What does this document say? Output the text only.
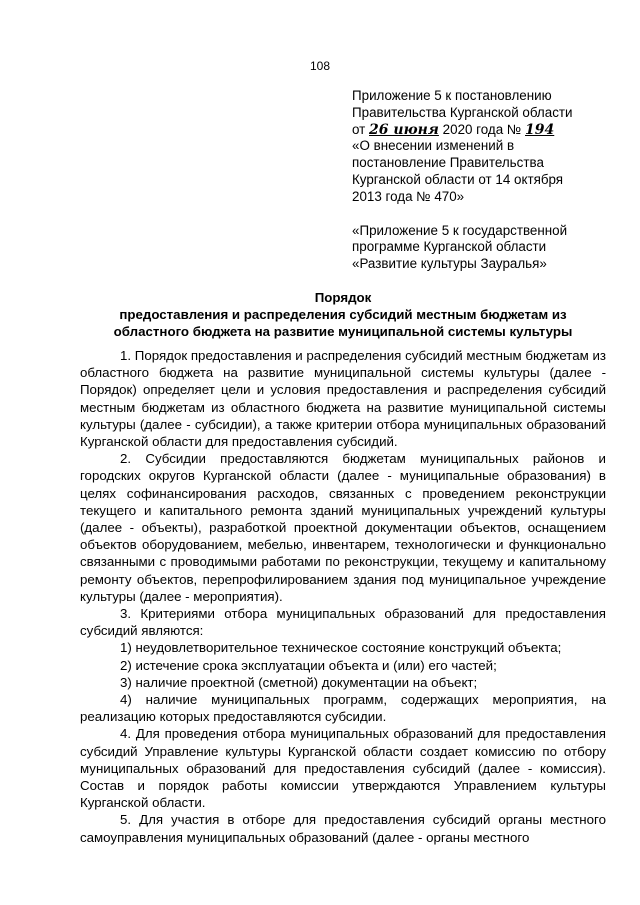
108
Приложение 5 к постановлению
Правительства Курганской области
от 26 июня 2020 года № 194
«О внесении изменений в
постановление Правительства
Курганской области от 14 октября
2013 года № 470»
«Приложение 5 к государственной
программе Курганской области
«Развитие культуры Зауралья»
Порядок
предоставления и распределения субсидий местным бюджетам из
областного бюджета на развитие муниципальной системы культуры

1. Порядок предоставления и распределения субсидий местным бюджетам из областного бюджета на развитие муниципальной системы культуры (далее - Порядок) определяет цели и условия предоставления и распределения субсидий местным бюджетам из областного бюджета на развитие муниципальной системы культуры (далее - субсидии), а также критерии отбора муниципальных образований Курганской области для предоставления субсидий.

2. Субсидии предоставляются бюджетам муниципальных районов и городских округов Курганской области (далее - муниципальные образования) в целях софинансирования расходов, связанных с проведением реконструкции текущего и капитального ремонта зданий муниципальных учреждений культуры (далее - объекты), разработкой проектной документации объектов, оснащением объектов оборудованием, мебелью, инвентарем, технологически и функционально связанными с проводимыми работами по реконструкции, текущему и капитальному ремонту объектов, перепрофилированием здания под муниципальное учреждение культуры (далее - мероприятия).

3. Критериями отбора муниципальных образований для предоставления субсидий являются:

1) неудовлетворительное техническое состояние конструкций объекта;

2) истечение срока эксплуатации объекта и (или) его частей;

3) наличие проектной (сметной) документации на объект;

4) наличие муниципальных программ, содержащих мероприятия, на реализацию которых предоставляются субсидии.

4. Для проведения отбора муниципальных образований для предоставления субсидий Управление культуры Курганской области создает комиссию по отбору муниципальных образований для предоставления субсидий (далее - комиссия). Состав и порядок работы комиссии утверждаются Управлением культуры Курганской области.

5. Для участия в отборе для предоставления субсидий органы местного самоуправления муниципальных образований (далее - органы местного
